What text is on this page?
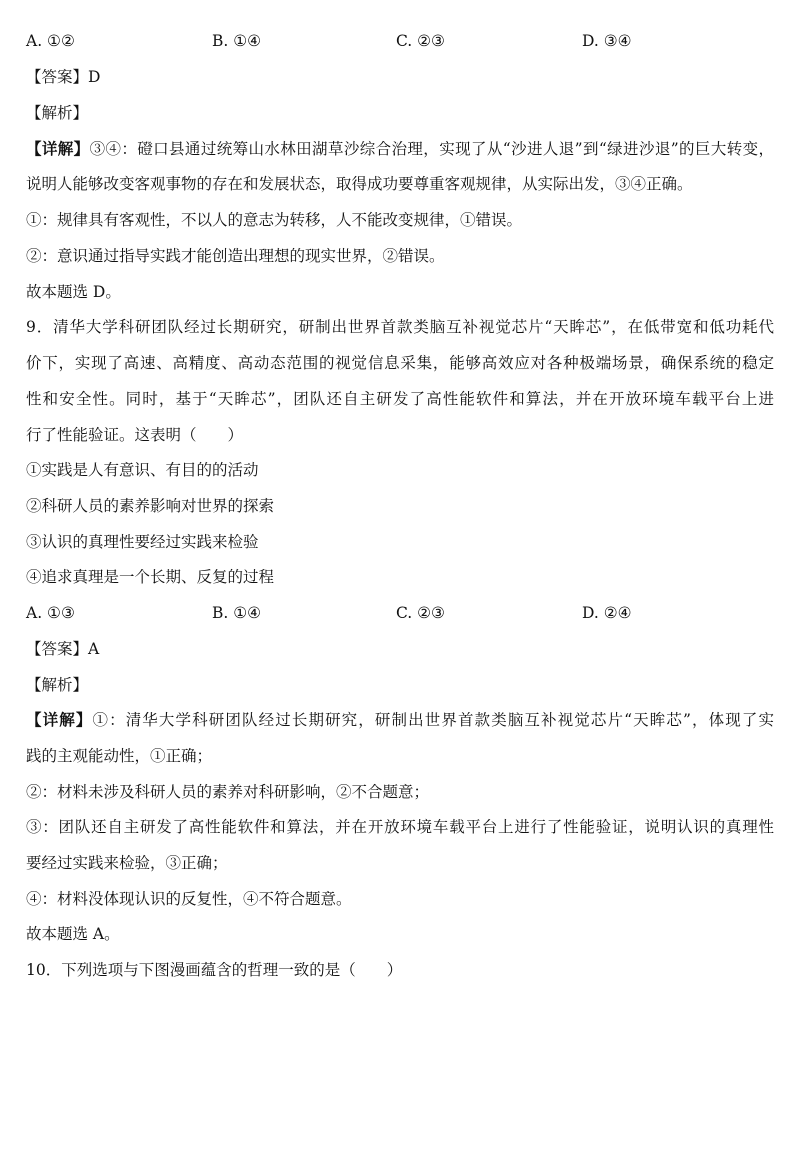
A. ①②	B. ①④	C. ②③	D. ③④
【答案】D
【解析】
【详解】③④：磴口县通过统筹山水林田湖草沙综合治理，实现了从“沙进人退”到“绿进沙退”的巨大转变，
说明人能够改变客观事物的存在和发展状态，取得成功要尊重客观规律，从实际出发，③④正确。
①：规律具有客观性，不以人的意志为转移，人不能改变规律，①错误。
②：意识通过指导实践才能创造出理想的现实世界，②错误。
故本题选 D。
9．清华大学科研团队经过长期研究，研制出世界首款类脑互补视觉芯片“天眸芯”，在低带宽和低功耗代
价下，实现了高速、高精度、高动态范围的视觉信息采集，能够高效应对各种极端场景，确保系统的稳定
性和安全性。同时，基于“天眸芯”，团队还自主研发了高性能软件和算法，并在开放环境车载平台上进
行了性能验证。这表明（　　）
①实践是人有意识、有目的的活动
②科研人员的素养影响对世界的探索
③认识的真理性要经过实践来检验
④追求真理是一个长期、反复的过程
A. ①③	B. ①④	C. ②③	D. ②④
【答案】A
【解析】
【详解】①：清华大学科研团队经过长期研究，研制出世界首款类脑互补视觉芯片“天眸芯”，体现了实
践的主观能动性，①正确；
②：材料未涉及科研人员的素养对科研影响，②不合题意；
③：团队还自主研发了高性能软件和算法，并在开放环境车载平台上进行了性能验证，说明认识的真理性
要经过实践来检验，③正确；
④：材料没体现认识的反复性，④不符合题意。
故本题选 A。
10．下列选项与下图漫画蕴含的哲理一致的是（　　）
